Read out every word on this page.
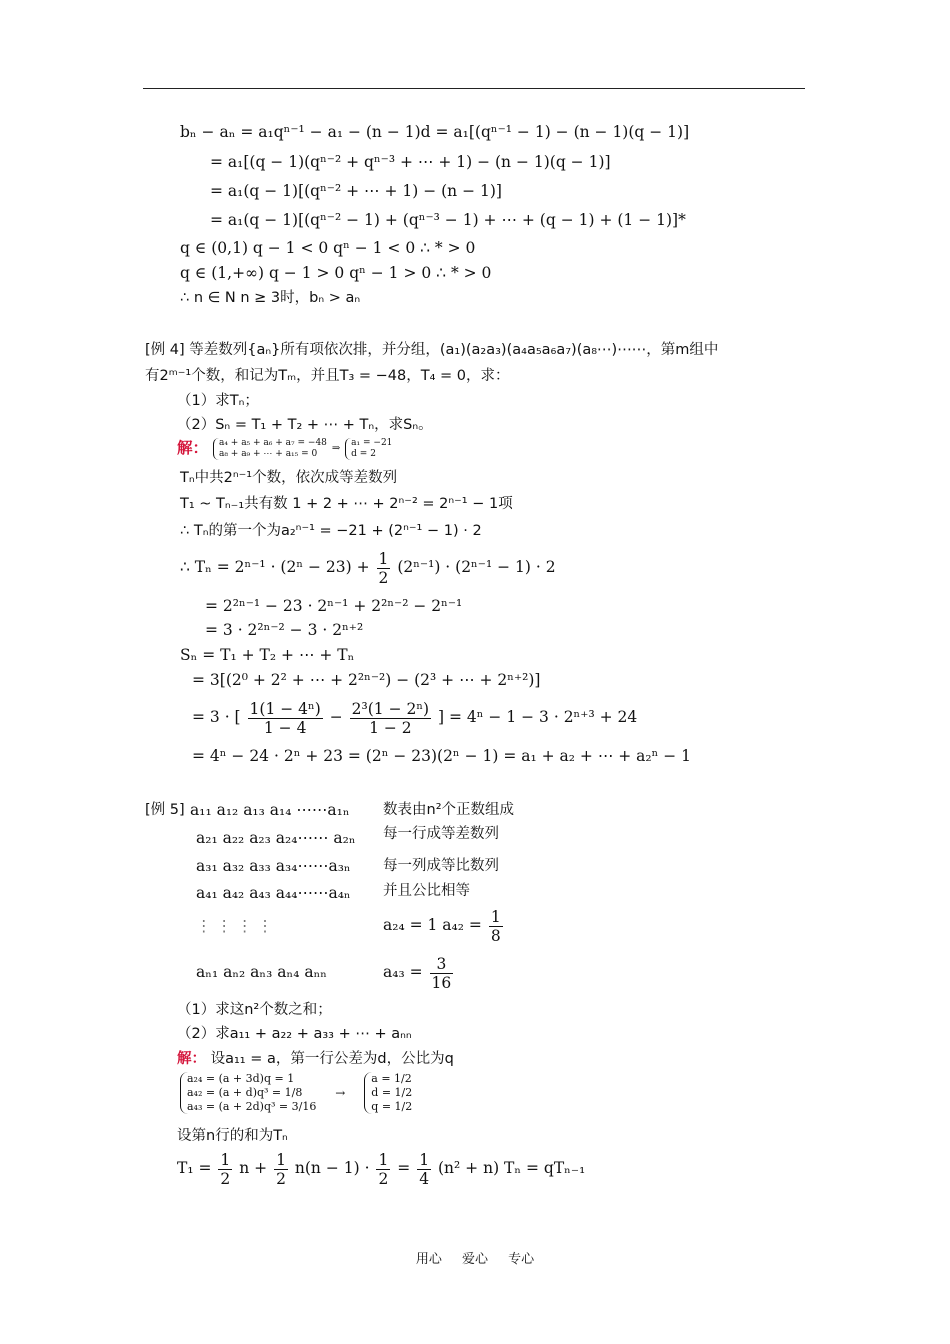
bₙ − aₙ = a₁qⁿ⁻¹ − a₁ − (n − 1)d = a₁[(qⁿ⁻¹ − 1) − (n − 1)(q − 1)]
= a₁[(q − 1)(qⁿ⁻² + qⁿ⁻³ + ⋯ + 1) − (n − 1)(q − 1)]
= a₁(q − 1)[(qⁿ⁻² + ⋯ + 1) − (n − 1)]
= a₁(q − 1)[(qⁿ⁻² − 1) + (qⁿ⁻³ − 1) + ⋯ + (q − 1) + (1 − 1)]*
q ∈ (0,1) q − 1 < 0 qⁿ − 1 < 0 ∴ * > 0
q ∈ (1,+∞) q − 1 > 0 qⁿ − 1 > 0 ∴ * > 0
∴ n ∈ N n ≥ 3时，bₙ > aₙ
[例 4] 等差数列{aₙ}所有项依次排，并分组，(a₁)(a₂a₃)(a₄a₅a₆a₇)(a₈⋯)⋯⋯，第m组中
有2ᵐ⁻¹个数，和记为Tₘ，并且T₃ = −48，T₄ = 0，求：
（1）求Tₙ；
（2）Sₙ = T₁ + T₂ + ⋯ + Tₙ，求Sₙ。
解： a₄ + a₅ + a₆ + a₇ = −48
a₈ + a₉ + ⋯ + a₁₅ = 0	⇒ a₁ = −21
d = 2
Tₙ中共2ⁿ⁻¹个数，依次成等差数列
T₁ ~ Tₙ₋₁共有数 1 + 2 + ⋯ + 2ⁿ⁻² = 2ⁿ⁻¹ − 1项
∴ Tₙ的第一个为a₂ⁿ⁻¹ = −21 + (2ⁿ⁻¹ − 1) · 2
∴ $T_n = 2^{n-1} \cdot (2^n - 23) + \frac{1}{2} (2^{n-1}) \cdot (2^{n-1} - 1) \cdot 2$
= 2²ⁿ⁻¹ − 23 · 2ⁿ⁻¹ + 2²ⁿ⁻² − 2ⁿ⁻¹
= 3 · 2²ⁿ⁻² − 3 · 2ⁿ⁺²
Sₙ = T₁ + T₂ + ⋯ + Tₙ
= 3[(2⁰ + 2² + ⋯ + 2²ⁿ⁻²) − (2³ + ⋯ + 2ⁿ⁺²)]
= 3 · [ $\frac{\text{1(1 − 4ⁿ)}}{1 - 4} - \frac{\text{2³(1 − 2ⁿ)}}{1 - 2}$ ] = 4ⁿ − 1 − 3 · 2ⁿ⁺³ + 24
= 4ⁿ − 24 · 2ⁿ + 23 = (2ⁿ − 23)(2ⁿ − 1) = a₁ + a₂ + ⋯ + a₂ⁿ − 1
[例 5] a₁₁ a₁₂ a₁₃ a₁₄ ⋯⋯a₁ₙ
a₂₁ a₂₂ a₂₃ a₂₄⋯⋯ a₂ₙ
a₃₁ a₃₂ a₃₃ a₃₄⋯⋯a₃ₙ
a₄₁ a₄₂ a₄₃ a₄₄⋯⋯a₄ₙ
⋮ ⋮ ⋮ ⋮
aₙ₁ aₙ₂ aₙ₃ aₙ₄ aₙₙ
数表由n²个正数组成
每一行成等差数列
每一列成等比数列
并且公比相等
a₂₄ = 1 $a_{42} = \frac{1}{8}$
$a_{43} = \frac{3}{16}$
（1）求这n²个数之和；
（2）求a₁₁ + a₂₂ + a₃₃ + ⋯ + aₙₙ
解： 设a₁₁ = a，第一行公差为d，公比为q
a₂₄ = (a + 3d)q = 1
a₄₂ = (a + d)q³ = 1/8
a₄₃ = (a + 2d)q³ = 3/16
→
a = 1/2
d = 1/2
q = 1/2
设第n行的和为Tₙ
$T_1 = \frac{1}{2}$ $n + \frac{1}{2} n(n - 1) \cdot \frac{1}{2} = \frac{1}{4} (n^2 + n) T_n = qT_{n-1}$
用心 爱心 专心
